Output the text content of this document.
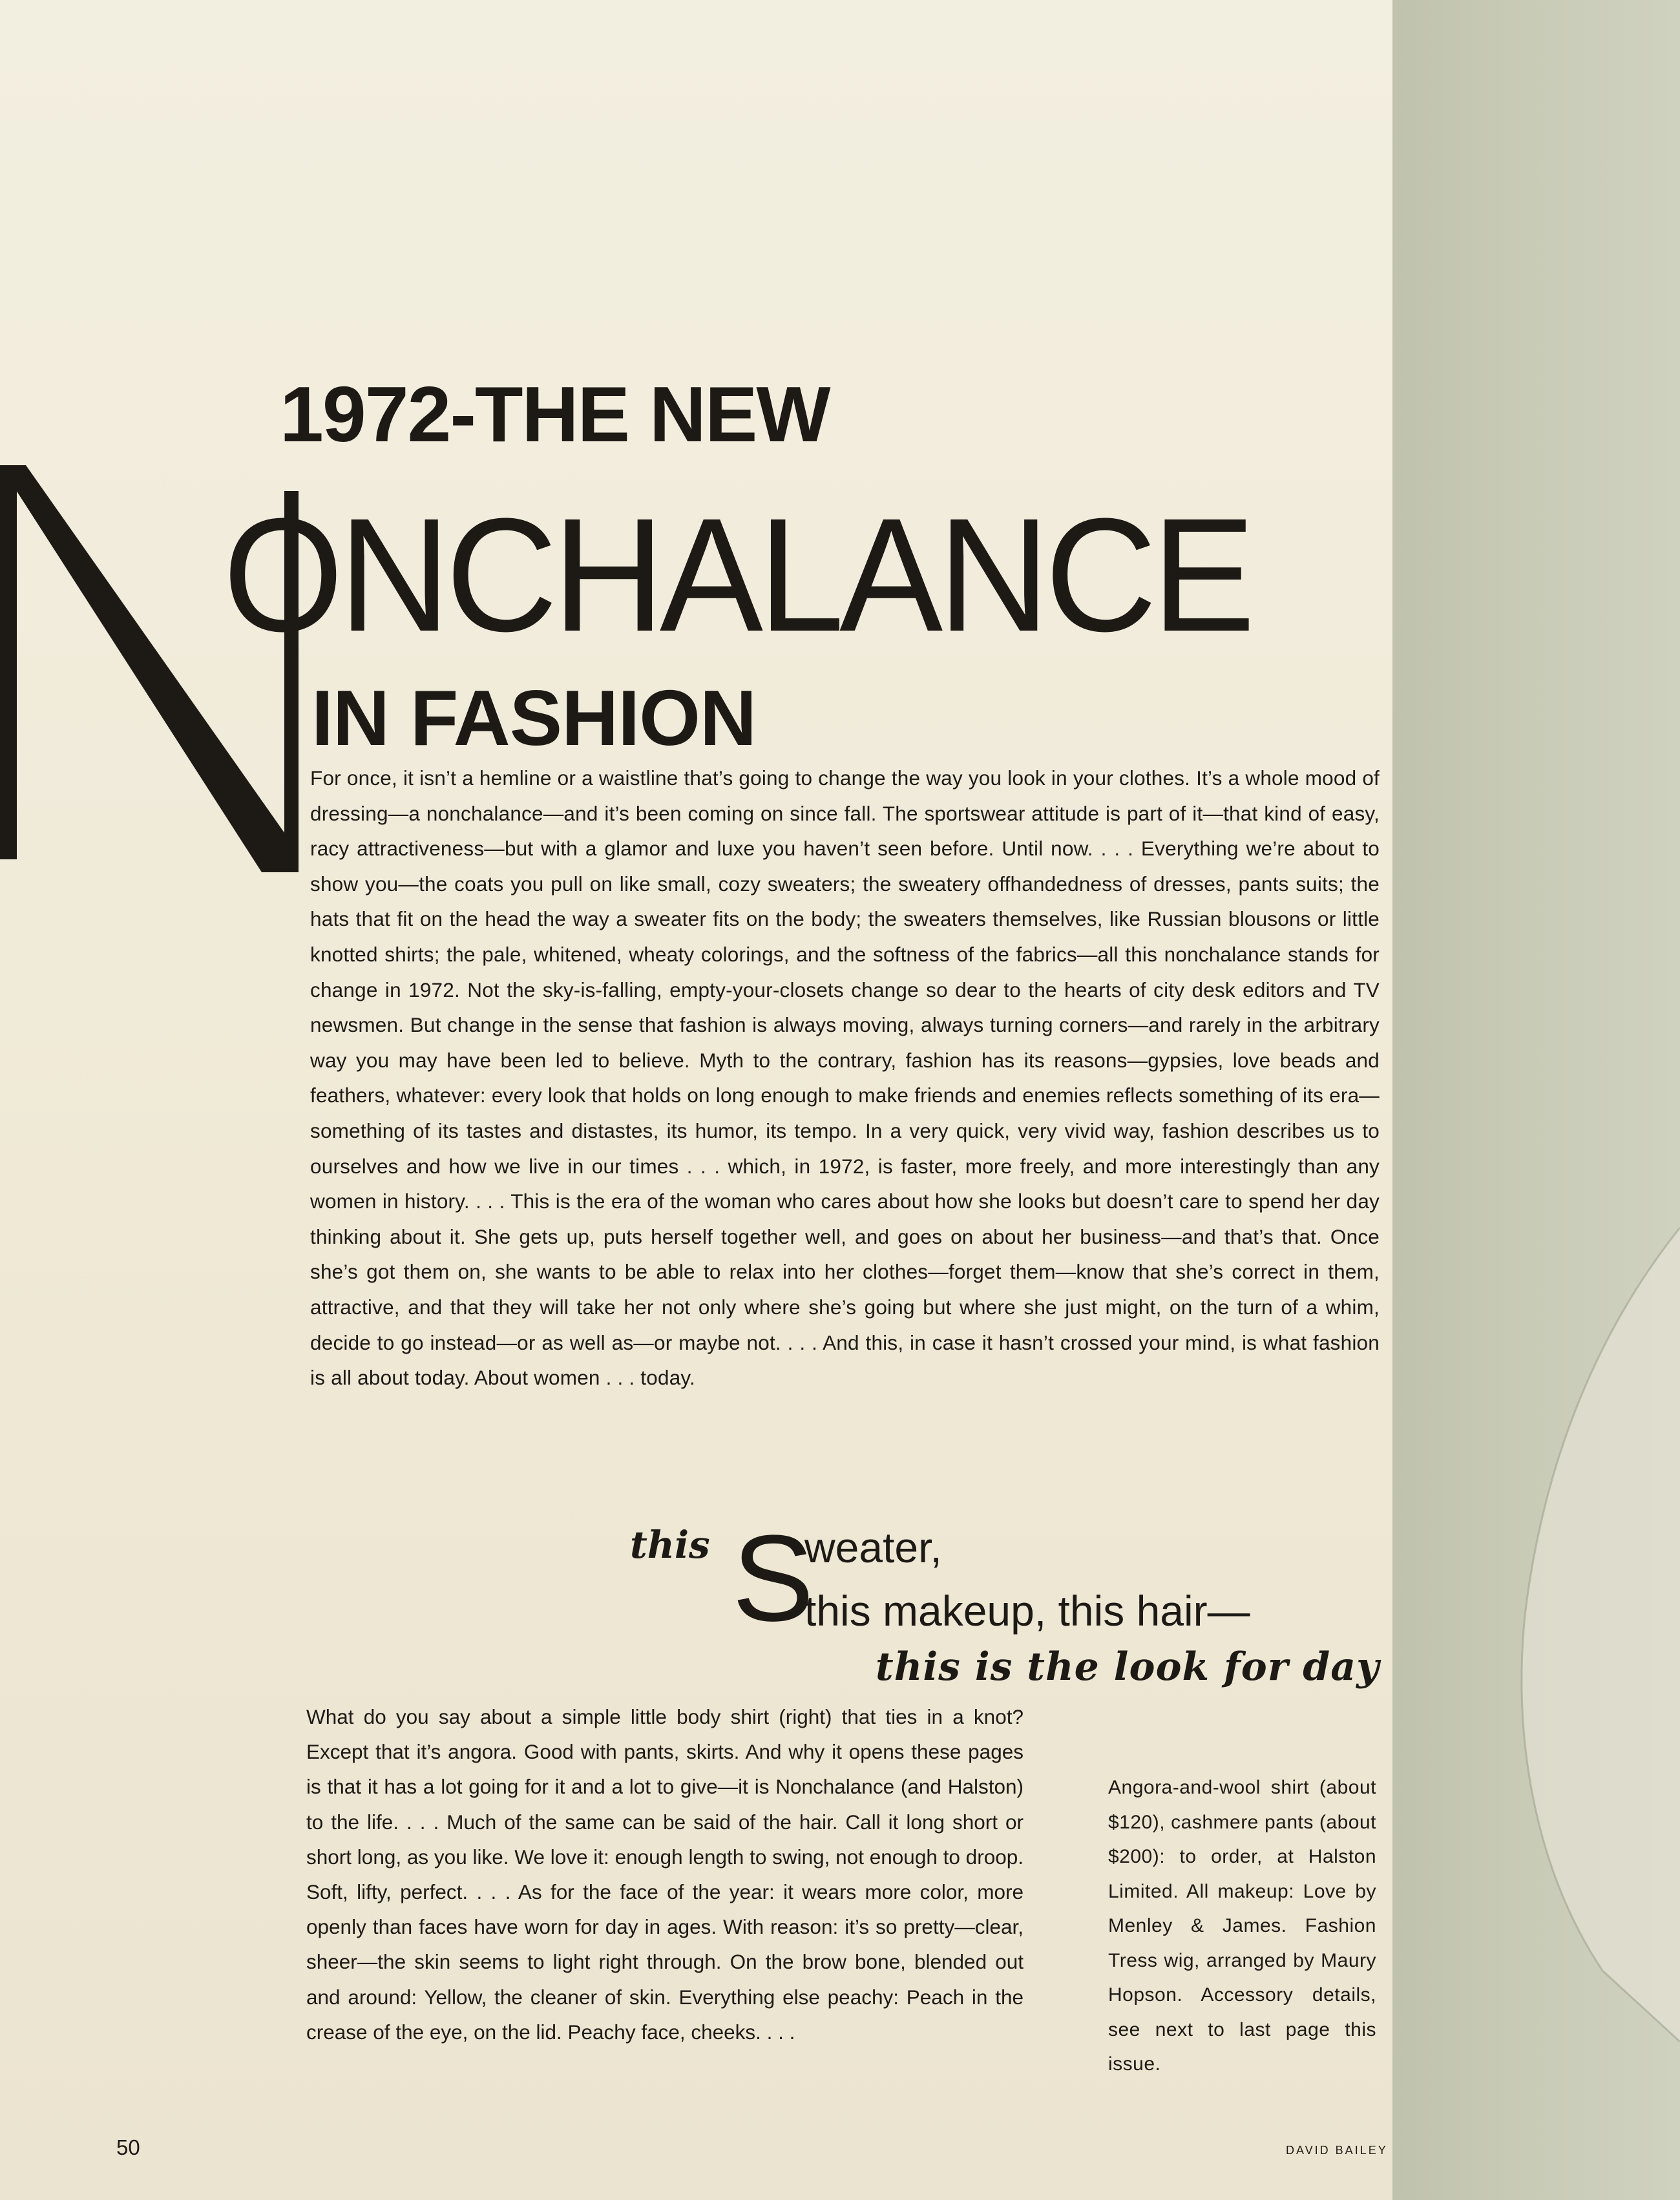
1972-THE NEW
ONCHALANCE
IN FASHION

For once, it isn’t a hemline or a waistline that’s going to change the way you look in your clothes. It’s a whole mood of dressing—a nonchalance—and it’s been coming on since fall. The sportswear attitude is part of it—that kind of easy, racy attractiveness—but with a glamor and luxe you haven’t seen before. Until now. . . . Everything we’re about to show you—the coats you pull on like small, cozy sweaters; the sweatery offhandedness of dresses, pants suits; the hats that fit on the head the way a sweater fits on the body; the sweaters themselves, like Russian blousons or little knotted shirts; the pale, whitened, wheaty colorings, and the softness of the fabrics—all this nonchalance stands for change in 1972. Not the sky-is-falling, empty-your-closets change so dear to the hearts of city desk editors and TV newsmen. But change in the sense that fashion is always moving, always turning corners—and rarely in the arbitrary way you may have been led to believe. Myth to the contrary, fashion has its reasons—gypsies, love beads and feathers, whatever: every look that holds on long enough to make friends and enemies reflects something of its era—something of its tastes and distastes, its humor, its tempo. In a very quick, very vivid way, fashion describes us to ourselves and how we live in our times . . . which, in 1972, is faster, more freely, and more interestingly than any women in history. . . . This is the era of the woman who cares about how she looks but doesn’t care to spend her day thinking about it. She gets up, puts herself together well, and goes on about her business—and that’s that. Once she’s got them on, she wants to be able to relax into her clothes—forget them—know that she’s correct in them, attractive, and that they will take her not only where she’s going but where she just might, on the turn of a whim, decide to go instead—or as well as—or maybe not. . . . And this, in case it hasn’t crossed your mind, is what fashion is all about today. About women . . . today.

this S
weater,
this makeup, this hair—
this is the look for day

What do you say about a simple little body shirt (right) that ties in a knot? Except that it’s angora. Good with pants, skirts. And why it opens these pages is that it has a lot going for it and a lot to give—it is Nonchalance (and Halston) to the life. . . . Much of the same can be said of the hair. Call it long short or short long, as you like. We love it: enough length to swing, not enough to droop. Soft, lifty, perfect. . . . As for the face of the year: it wears more color, more openly than faces have worn for day in ages. With reason: it’s so pretty—clear, sheer—the skin seems to light right through. On the brow bone, blended out and around: Yellow, the cleaner of skin. Everything else peachy: Peach in the crease of the eye, on the lid. Peachy face, cheeks. . . .

Angora-and-wool shirt (about $120), cashmere pants (about $200): to order, at Halston Limited. All makeup: Love by Menley & James. Fashion Tress wig, arranged by Maury Hopson. Accessory details, see next to last page this issue.

50	DAVID BAILEY
